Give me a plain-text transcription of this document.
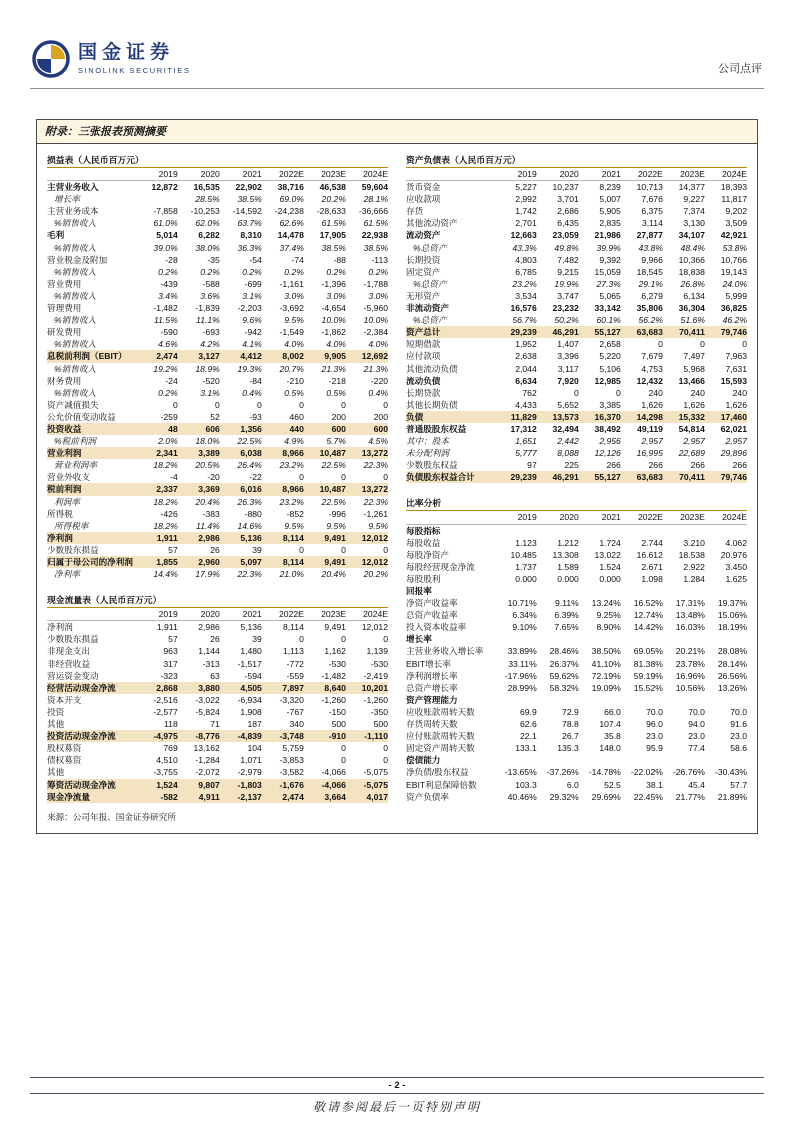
国金证券
SINOLINK SECURITIES	公司点评
附录：三张报表预测摘要
损益表（人民币百万元）
	2019	2020	2021	2022E	2023E	2024E
主营业务收入	12,872	16,535	22,902	38,716	46,538	59,604
增长率		28.5%	38.5%	69.0%	20.2%	28.1%
主营业务成本	-7,858	-10,253	-14,592	-24,238	-28,633	-36,666
%销售收入	61.0%	62.0%	63.7%	62.6%	61.5%	61.5%
毛利	5,014	6,282	8,310	14,478	17,905	22,938
%销售收入	39.0%	38.0%	36.3%	37.4%	38.5%	38.5%
营业税金及附加	-28	-35	-54	-74	-88	-113
%销售收入	0.2%	0.2%	0.2%	0.2%	0.2%	0.2%
营业费用	-439	-588	-699	-1,161	-1,396	-1,788
%销售收入	3.4%	3.6%	3.1%	3.0%	3.0%	3.0%
管理费用	-1,482	-1,839	-2,203	-3,692	-4,654	-5,960
%销售收入	11.5%	11.1%	9.6%	9.5%	10.0%	10.0%
研发费用	-590	-693	-942	-1,549	-1,862	-2,384
%销售收入	4.6%	4.2%	4.1%	4.0%	4.0%	4.0%
息税前利润（EBIT）	2,474	3,127	4,412	8,002	9,905	12,692
%销售收入	19.2%	18.9%	19.3%	20.7%	21.3%	21.3%
财务费用	-24	-520	-84	-210	-218	-220
%销售收入	0.2%	3.1%	0.4%	0.5%	0.5%	0.4%
资产减值损失	0	0	0	0	0	0
公允价值变动收益	-259	52	-93	460	200	200
投资收益	48	606	1,356	440	600	600
%税前利润	2.0%	18.0%	22.5%	4.9%	5.7%	4.5%
营业利润	2,341	3,389	6,038	8,966	10,487	13,272
营业利润率	18.2%	20.5%	26.4%	23.2%	22.5%	22.3%
营业外收支	-4	-20	-22	0	0	0
税前利润	2,337	3,369	6,016	8,966	10,487	13,272
利润率	18.2%	20.4%	26.3%	23.2%	22.5%	22.3%
所得税	-426	-383	-880	-852	-996	-1,261
所得税率	18.2%	11.4%	14.6%	9.5%	9.5%	9.5%
净利润	1,911	2,986	5,136	8,114	9,491	12,012
少数股东损益	57	26	39	0	0	0
归属于母公司的净利润	1,855	2,960	5,097	8,114	9,491	12,012
净利率	14.4%	17.9%	22.3%	21.0%	20.4%	20.2%
现金流量表（人民币百万元）
	2019	2020	2021	2022E	2023E	2024E
净利润	1,911	2,986	5,136	8,114	9,491	12,012
少数股东损益	57	26	39	0	0	0
非现金支出	963	1,144	1,480	1,113	1,162	1,139
非经营收益	317	-313	-1,517	-772	-530	-530
营运资金变动	-323	63	-594	-559	-1,482	-2,419
经营活动现金净流	2,868	3,880	4,505	7,897	8,640	10,201
资本开支	-2,516	-3,022	-6,934	-3,320	-1,260	-1,260
投资	-2,577	-5,824	1,908	-767	-150	-350
其他	118	71	187	340	500	500
投资活动现金净流	-4,975	-8,776	-4,839	-3,748	-910	-1,110
股权募资	769	13,162	104	5,759	0	0
债权募资	4,510	-1,284	1,071	-3,853	0	0
其他	-3,755	-2,072	-2,979	-3,582	-4,066	-5,075
筹资活动现金净流	1,524	9,807	-1,803	-1,676	-4,066	-5,075
现金净流量	-582	4,911	-2,137	2,474	3,664	4,017
来源：公司年报、国金证券研究所
资产负债表（人民币百万元）
	2019	2020	2021	2022E	2023E	2024E
货币资金	5,227	10,237	8,239	10,713	14,377	18,393
应收款项	2,992	3,701	5,007	7,676	9,227	11,817
存货	1,742	2,686	5,905	6,375	7,374	9,202
其他流动资产	2,701	6,435	2,835	3,114	3,130	3,509
流动资产	12,663	23,059	21,986	27,877	34,107	42,921
%总资产	43.3%	49.8%	39.9%	43.8%	48.4%	53.8%
长期投资	4,803	7,482	9,392	9,966	10,366	10,766
固定资产	6,785	9,215	15,059	18,545	18,838	19,143
%总资产	23.2%	19.9%	27.3%	29.1%	26.8%	24.0%
无形资产	3,534	3,747	5,065	6,279	6,134	5,999
非流动资产	16,576	23,232	33,142	35,806	36,304	36,825
%总资产	56.7%	50.2%	60.1%	56.2%	51.6%	46.2%
资产总计	29,239	46,291	55,127	63,683	70,411	79,746
短期借款	1,952	1,407	2,658	0	0	0
应付款项	2,638	3,396	5,220	7,679	7,497	7,963
其他流动负债	2,044	3,117	5,106	4,753	5,968	7,631
流动负债	6,634	7,920	12,985	12,432	13,466	15,593
长期贷款	762	0	0	240	240	240
其他长期负债	4,433	5,652	3,385	1,626	1,626	1,626
负债	11,829	13,573	16,370	14,298	15,332	17,460
普通股股东权益	17,312	32,494	38,492	49,119	54,814	62,021
其中：股本	1,651	2,442	2,956	2,957	2,957	2,957
未分配利润	5,777	8,088	12,126	16,995	22,689	29,896
少数股东权益	97	225	266	266	266	266
负债股东权益合计	29,239	46,291	55,127	63,683	70,411	79,746
比率分析
	2019	2020	2021	2022E	2023E	2024E
每股指标						
每股收益	1.123	1.212	1.724	2.744	3.210	4.062
每股净资产	10.485	13.308	13.022	16.612	18.538	20.976
每股经营现金净流	1.737	1.589	1.524	2.671	2.922	3.450
每股股利	0.000	0.000	0.000	1.098	1.284	1.625
回报率						
净资产收益率	10.71%	9.11%	13.24%	16.52%	17.31%	19.37%
总资产收益率	6.34%	6.39%	9.25%	12.74%	13.48%	15.06%
投入资本收益率	9.10%	7.65%	8.90%	14.42%	16.03%	18.19%
增长率						
主营业务收入增长率	33.89%	28.46%	38.50%	69.05%	20.21%	28.08%
EBIT增长率	33.11%	26.37%	41.10%	81.38%	23.78%	28.14%
净利润增长率	-17.96%	59.62%	72.19%	59.19%	16.96%	26.56%
总资产增长率	28.99%	58.32%	19.09%	15.52%	10.56%	13.26%
资产管理能力						
应收账款周转天数	69.9	72.9	66.0	70.0	70.0	70.0
存货周转天数	62.6	78.8	107.4	96.0	94.0	91.6
应付账款周转天数	22.1	26.7	35.8	23.0	23.0	23.0
固定资产周转天数	133.1	135.3	148.0	95.9	77.4	58.6
偿债能力						
净负债/股东权益	-13.65%	-37.26%	-14.78%	-22.02%	-26.76%	-30.43%
EBIT利息保障倍数	103.3	6.0	52.5	38.1	45.4	57.7
资产负债率	40.46%	29.32%	29.69%	22.45%	21.77%	21.89%
- 2 -
敬请参阅最后一页特别声明
